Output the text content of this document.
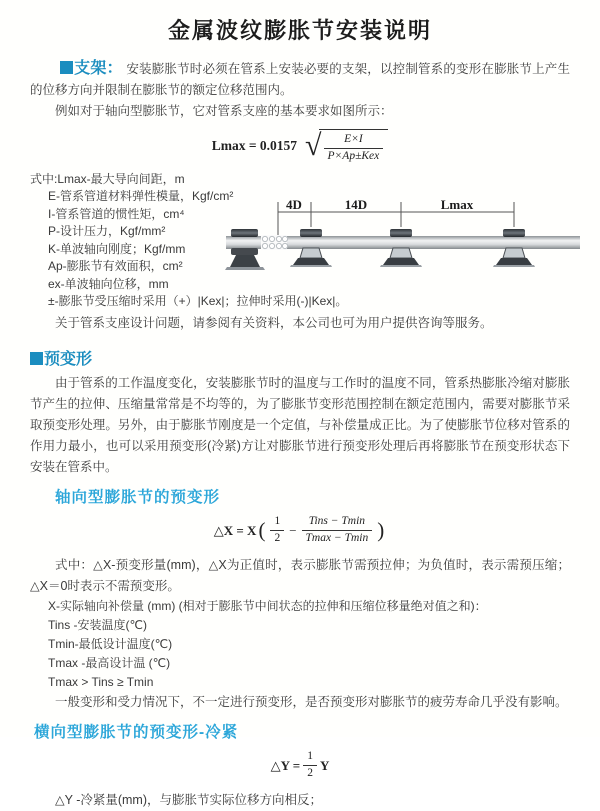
金属波纹膨胀节安装说明

支架： 安装膨胀节时必须在管系上安装必要的支架，以控制管系的变形在膨胀节上产生的位移方向并限制在膨胀节的额定位移范围内。

例如对于轴向型膨胀节，它对管系支座的基本要求如图所示：

Lmax = 0.0157 √ $\frac{E\times I}{\text{P×Ap±Kex}}$
式中:Lmax-最大导向间距，m
E-管系管道材料弹性模量，Kgf/cm²
I-管系管道的惯性矩，cm⁴
P-设计压力，Kgf/mm²
K-单波轴向刚度；Kgf/mm
Ap-膨胀节有效面积，cm²
ex-单波轴向位移，mm
±-膨胀节受压缩时采用（+）|Kex|；拉伸时采用(-)|Kex|。
4D	14D	Lmax

关于管系支座设计问题，请参阅有关资料，本公司也可为用户提供咨询等服务。

预变形

由于管系的工作温度变化，安装膨胀节时的温度与工作时的温度不同，管系热膨胀冷缩对膨胀节产生的拉伸、压缩量常常是不均等的，为了膨胀节变形范围控制在额定范围内，需要对膨胀节采取预变形处理。另外，由于膨胀节刚度是一个定值，与补偿量成正比。为了使膨胀节位移对管系的作用力最小，也可以采用预变形(冷紧)方让对膨胀节进行预变形处理后再将膨胀节在预变形状态下安装在管系中。

轴向型膨胀节的预变形
△X = X ( $\frac{1}{2} - \frac{\text{Tins − Tmin}}{Tmax - Tmin}$ )

式中：△X-预变形量(mm)，△X为正值时，表示膨胀节需预拉伸；为负值时，表示需预压缩；△X＝0时表示不需预变形。

X-实际轴向补偿量 (mm) (相对于膨胀节中间状态的拉伸和压缩位移量绝对值之和)：
Tins -安装温度(℃)
Tmin-最低设计温度(℃)
Tmax -最高设计温 (℃)
Tmax > Tins ≥ Tmin

一般变形和受力情况下，不一定进行预变形，是否预变形对膨胀节的疲劳寿命几乎没有影响。

横向型膨胀节的预变形-冷紧
△Y = $\frac{1}{2}$ Y

△Y -冷紧量(mm)，与膨胀节实际位移方向相反；
